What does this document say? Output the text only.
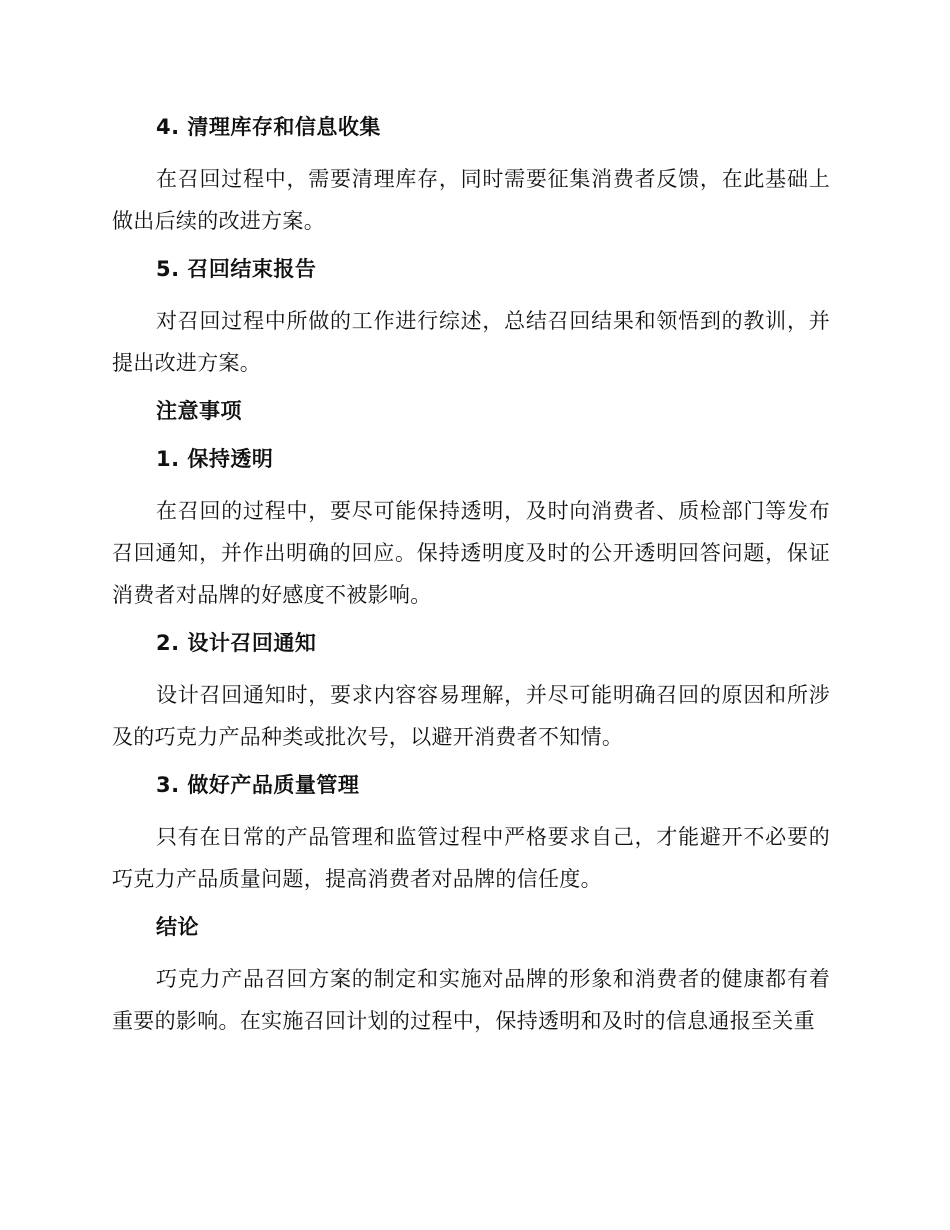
4. 清理库存和信息收集

在召回过程中，需要清理库存，同时需要征集消费者反馈，在此基础上做出后续的改进方案。

5. 召回结束报告

对召回过程中所做的工作进行综述，总结召回结果和领悟到的教训，并提出改进方案。

注意事项
1. 保持透明

在召回的过程中，要尽可能保持透明，及时向消费者、质检部门等发布召回通知，并作出明确的回应。保持透明度及时的公开透明回答问题，保证消费者对品牌的好感度不被影响。

2. 设计召回通知

设计召回通知时，要求内容容易理解，并尽可能明确召回的原因和所涉及的巧克力产品种类或批次号，以避开消费者不知情。

3. 做好产品质量管理

只有在日常的产品管理和监管过程中严格要求自己，才能避开不必要的巧克力产品质量问题，提高消费者对品牌的信任度。

结论

巧克力产品召回方案的制定和实施对品牌的形象和消费者的健康都有着重要的影响。在实施召回计划的过程中，保持透明和及时的信息通报至关重
